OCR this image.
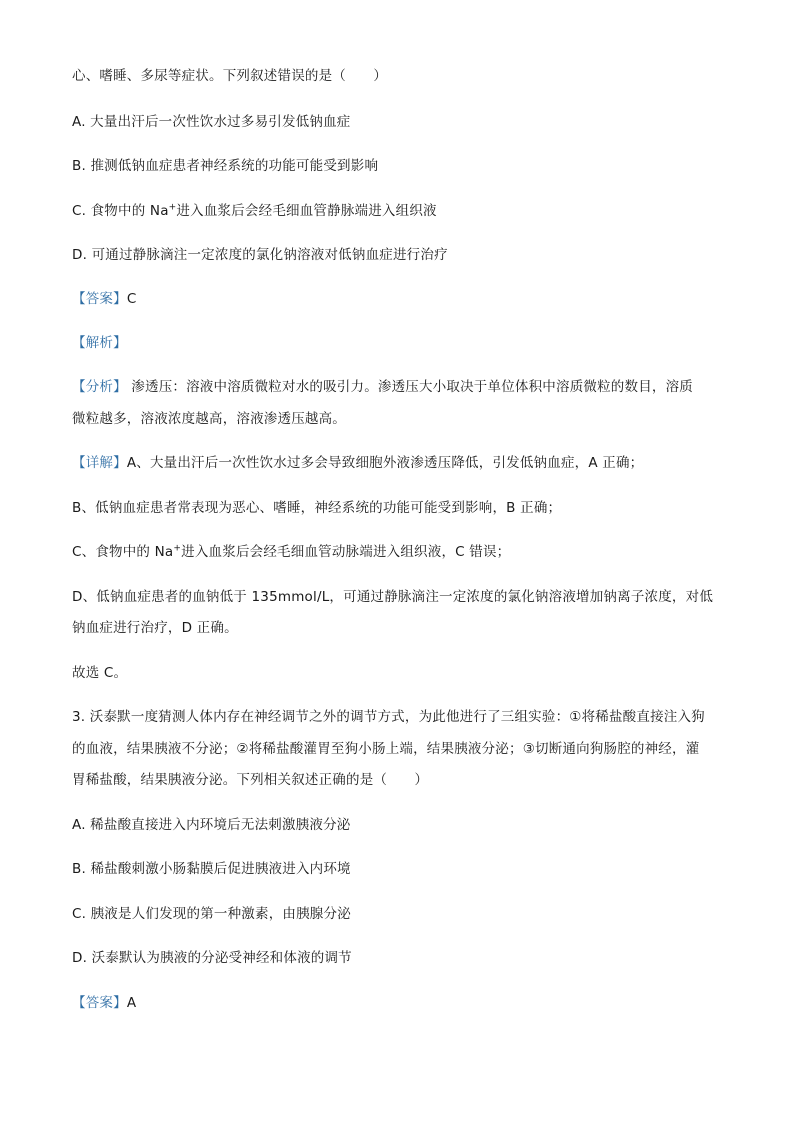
心、嗜睡、多尿等症状。下列叙述错误的是（　　）
A. 大量出汗后一次性饮水过多易引发低钠血症
B. 推测低钠血症患者神经系统的功能可能受到影响
C. 食物中的 Na+进入血浆后会经毛细血管静脉端进入组织液
D. 可通过静脉滴注一定浓度的氯化钠溶液对低钠血症进行治疗
【答案】C
【解析】
【分析】 渗透压：溶液中溶质微粒对水的吸引力。渗透压大小取决于单位体积中溶质微粒的数目，溶质
微粒越多，溶液浓度越高，溶液渗透压越高。
【详解】A、大量出汗后一次性饮水过多会导致细胞外液渗透压降低，引发低钠血症，A 正确；
B、低钠血症患者常表现为恶心、嗜睡，神经系统的功能可能受到影响，B 正确；
C、食物中的 Na+进入血浆后会经毛细血管动脉端进入组织液，C 错误；
D、低钠血症患者的血钠低于 135mmol/L，可通过静脉滴注一定浓度的氯化钠溶液增加钠离子浓度，对低
钠血症进行治疗，D 正确。
故选 C。
3. 沃泰默一度猜测人体内存在神经调节之外的调节方式，为此他进行了三组实验：①将稀盐酸直接注入狗
的血液，结果胰液不分泌；②将稀盐酸灌胃至狗小肠上端，结果胰液分泌；③切断通向狗肠腔的神经，灌
胃稀盐酸，结果胰液分泌。下列相关叙述正确的是（　　）
A. 稀盐酸直接进入内环境后无法刺激胰液分泌
B. 稀盐酸刺激小肠黏膜后促进胰液进入内环境
C. 胰液是人们发现的第一种激素，由胰腺分泌
D. 沃泰默认为胰液的分泌受神经和体液的调节
【答案】A
